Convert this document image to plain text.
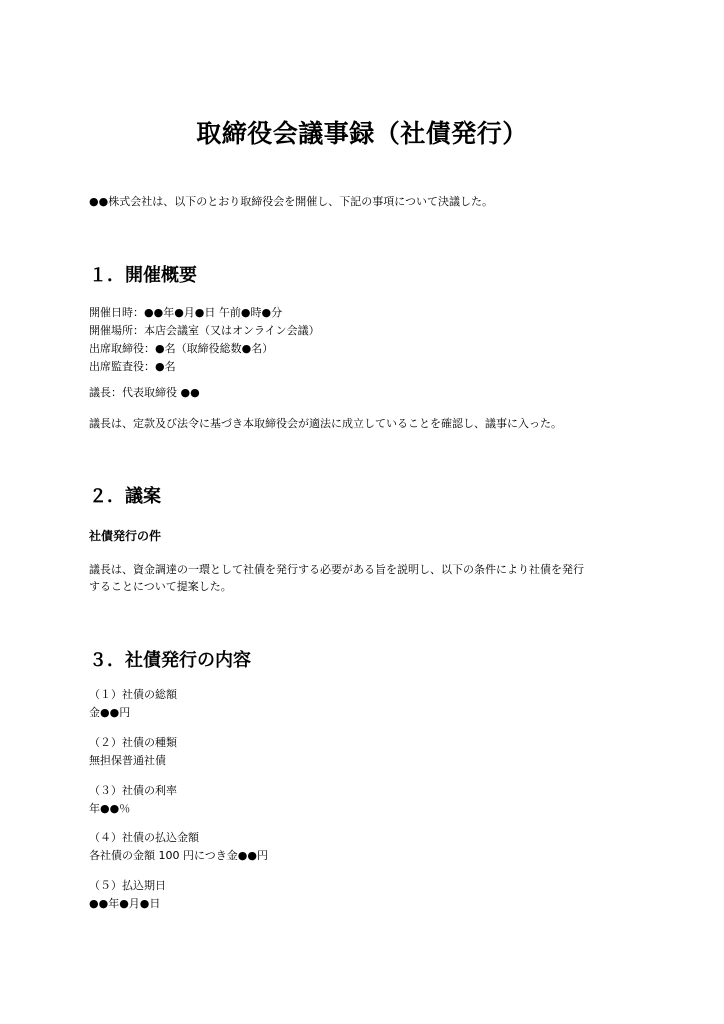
取締役会議事録（社債発行）
●●株式会社は、以下のとおり取締役会を開催し、下記の事項について決議した。
１．開催概要
開催日時：●●年●月●日 午前●時●分
開催場所：本店会議室（又はオンライン会議）
出席取締役：●名（取締役総数●名）
出席監査役：●名
議長：代表取締役 ●●
議長は、定款及び法令に基づき本取締役会が適法に成立していることを確認し、議事に入った。
２．議案
社債発行の件
議長は、資金調達の一環として社債を発行する必要がある旨を説明し、以下の条件により社債を発行
することについて提案した。
３．社債発行の内容
（１）社債の総額
金●●円
（２）社債の種類
無担保普通社債
（３）社債の利率
年●●％
（４）社債の払込金額
各社債の金額 100 円につき金●●円
（５）払込期日
●●年●月●日
